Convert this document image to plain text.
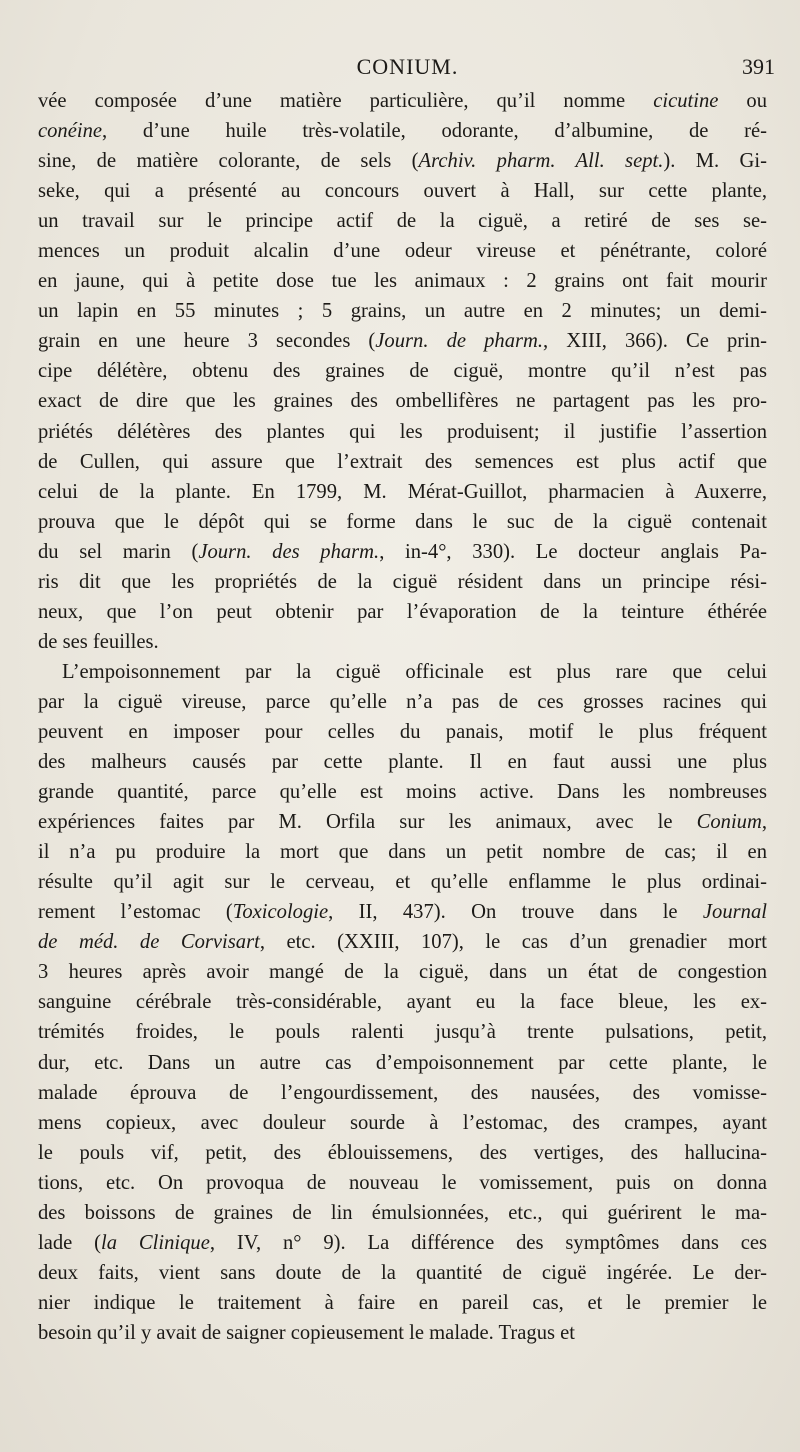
CONIUM.	391
vée composée d’une matière particulière, qu’il nomme cicutine ou
conéine, d’une huile très-volatile, odorante, d’albumine, de ré-
sine, de matière colorante, de sels (Archiv. pharm. All. sept.). M. Gi-
seke, qui a présenté au concours ouvert à Hall, sur cette plante,
un travail sur le principe actif de la ciguë, a retiré de ses se-
mences un produit alcalin d’une odeur vireuse et pénétrante, coloré
en jaune, qui à petite dose tue les animaux : 2 grains ont fait mourir
un lapin en 55 minutes ; 5 grains, un autre en 2 minutes; un demi-
grain en une heure 3 secondes (Journ. de pharm., XIII, 366). Ce prin-
cipe délétère, obtenu des graines de ciguë, montre qu’il n’est pas
exact de dire que les graines des ombellifères ne partagent pas les pro-
priétés délétères des plantes qui les produisent; il justifie l’assertion
de Cullen, qui assure que l’extrait des semences est plus actif que
celui de la plante. En 1799, M. Mérat-Guillot, pharmacien à Auxerre,
prouva que le dépôt qui se forme dans le suc de la ciguë contenait
du sel marin (Journ. des pharm., in-4°, 330). Le docteur anglais Pa-
ris dit que les propriétés de la ciguë résident dans un principe rési-
neux, que l’on peut obtenir par l’évaporation de la teinture éthérée
de ses feuilles.
L’empoisonnement par la ciguë officinale est plus rare que celui
par la ciguë vireuse, parce qu’elle n’a pas de ces grosses racines qui
peuvent en imposer pour celles du panais, motif le plus fréquent
des malheurs causés par cette plante. Il en faut aussi une plus
grande quantité, parce qu’elle est moins active. Dans les nombreuses
expériences faites par M. Orfila sur les animaux, avec le Conium,
il n’a pu produire la mort que dans un petit nombre de cas; il en
résulte qu’il agit sur le cerveau, et qu’elle enflamme le plus ordinai-
rement l’estomac (Toxicologie, II, 437). On trouve dans le Journal
de méd. de Corvisart, etc. (XXIII, 107), le cas d’un grenadier mort
3 heures après avoir mangé de la ciguë, dans un état de congestion
sanguine cérébrale très-considérable, ayant eu la face bleue, les ex-
trémités froides, le pouls ralenti jusqu’à trente pulsations, petit,
dur, etc. Dans un autre cas d’empoisonnement par cette plante, le
malade éprouva de l’engourdissement, des nausées, des vomisse-
mens copieux, avec douleur sourde à l’estomac, des crampes, ayant
le pouls vif, petit, des éblouissemens, des vertiges, des hallucina-
tions, etc. On provoqua de nouveau le vomissement, puis on donna
des boissons de graines de lin émulsionnées, etc., qui guérirent le ma-
lade (la Clinique, IV, n° 9). La différence des symptômes dans ces
deux faits, vient sans doute de la quantité de ciguë ingérée. Le der-
nier indique le traitement à faire en pareil cas, et le premier le
besoin qu’il y avait de saigner copieusement le malade. Tragus et
